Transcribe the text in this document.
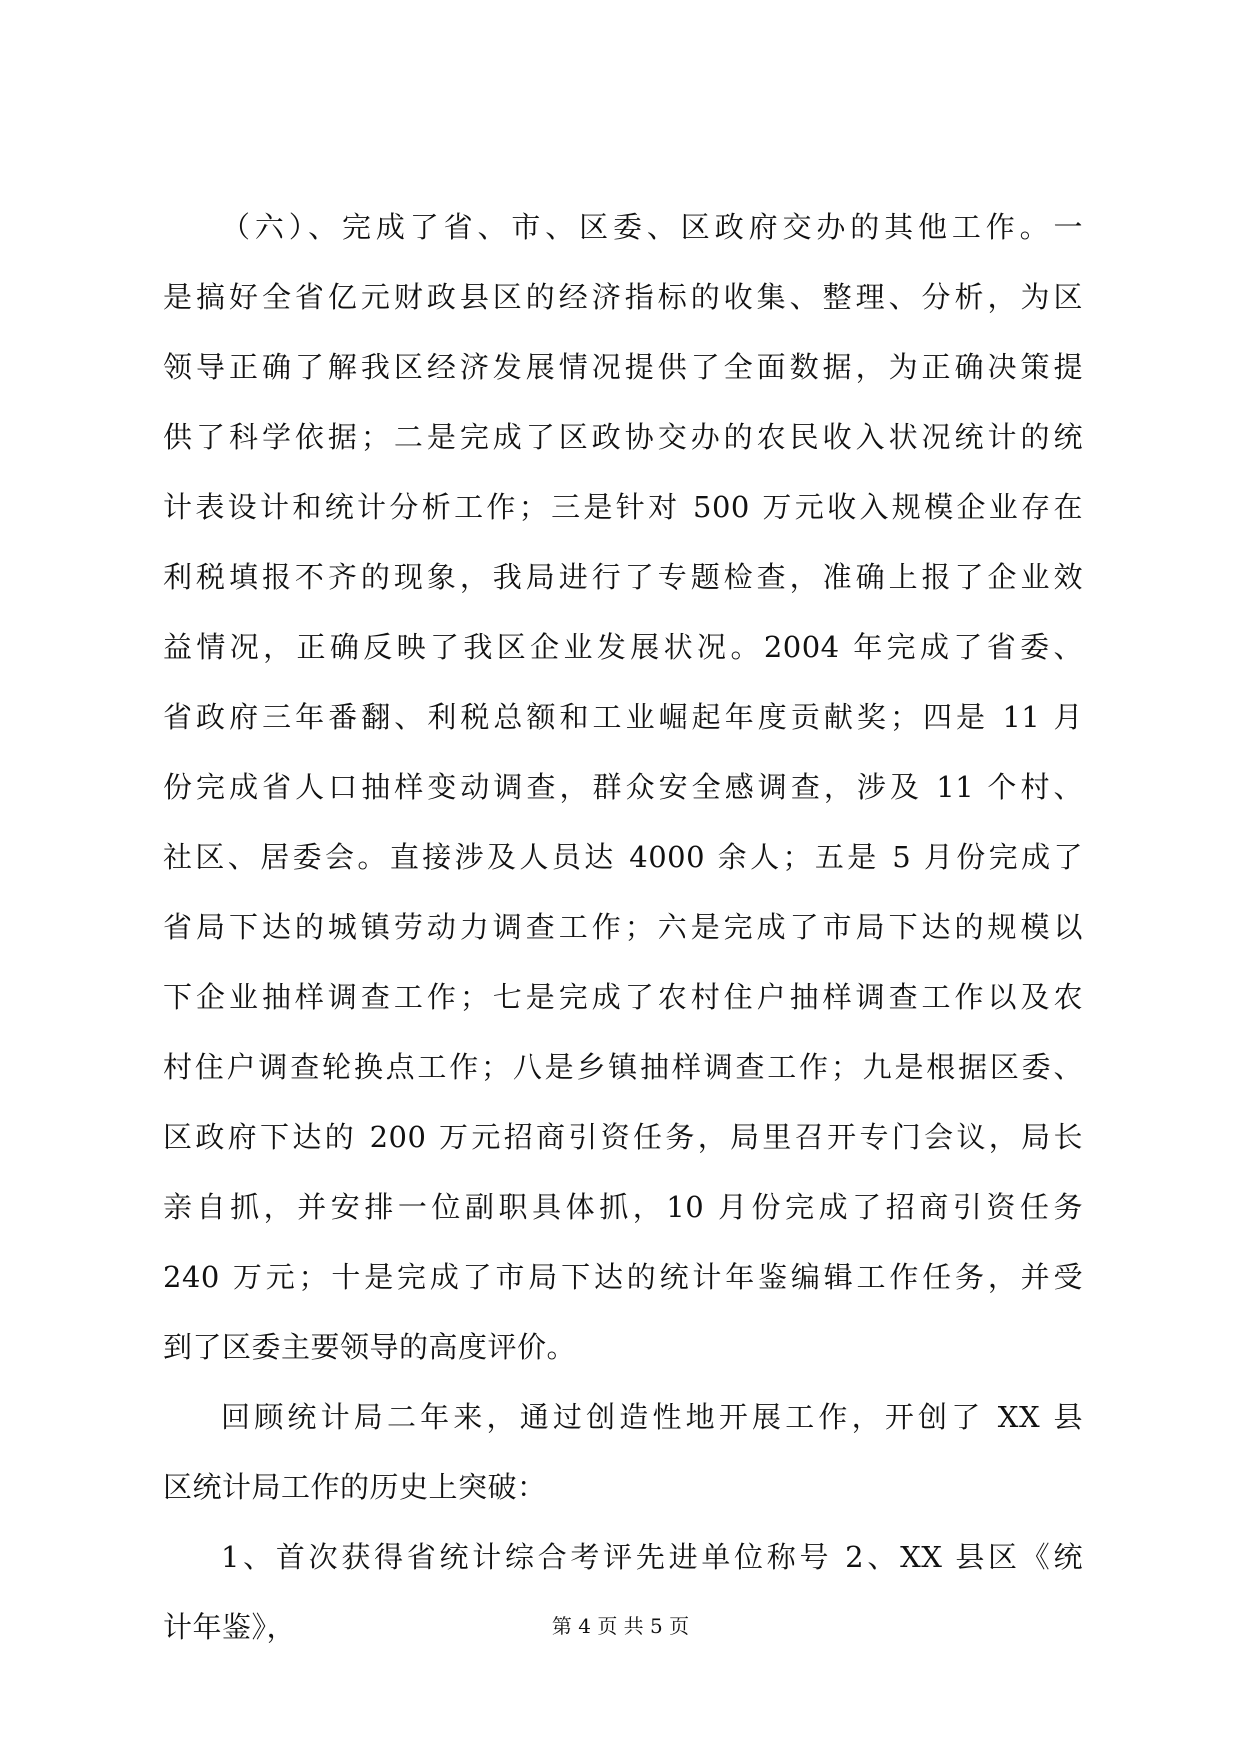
（六）、完成了省、市、区委、区政府交办的其他工作。一
是搞好全省亿元财政县区的经济指标的收集、整理、分析，为区
领导正确了解我区经济发展情况提供了全面数据，为正确决策提
供了科学依据；二是完成了区政协交办的农民收入状况统计的统
计表设计和统计分析工作；三是针对 500 万元收入规模企业存在
利税填报不齐的现象，我局进行了专题检查，准确上报了企业效
益情况，正确反映了我区企业发展状况。2004 年完成了省委、
省政府三年番翻、利税总额和工业崛起年度贡献奖；四是 11 月
份完成省人口抽样变动调查，群众安全感调查，涉及 11 个村、
社区、居委会。直接涉及人员达 4000 余人；五是 5 月份完成了
省局下达的城镇劳动力调查工作；六是完成了市局下达的规模以
下企业抽样调查工作；七是完成了农村住户抽样调查工作以及农
村住户调查轮换点工作；八是乡镇抽样调查工作；九是根据区委、
区政府下达的 200 万元招商引资任务，局里召开专门会议，局长
亲自抓，并安排一位副职具体抓，10 月份完成了招商引资任务
240 万元；十是完成了市局下达的统计年鉴编辑工作任务，并受
到了区委主要领导的高度评价。
回顾统计局二年来，通过创造性地开展工作，开创了 XX 县
区统计局工作的历史上突破：
1、首次获得省统计综合考评先进单位称号 2、XX 县区《统
计年鉴》，	第 4 页 共 5 页
